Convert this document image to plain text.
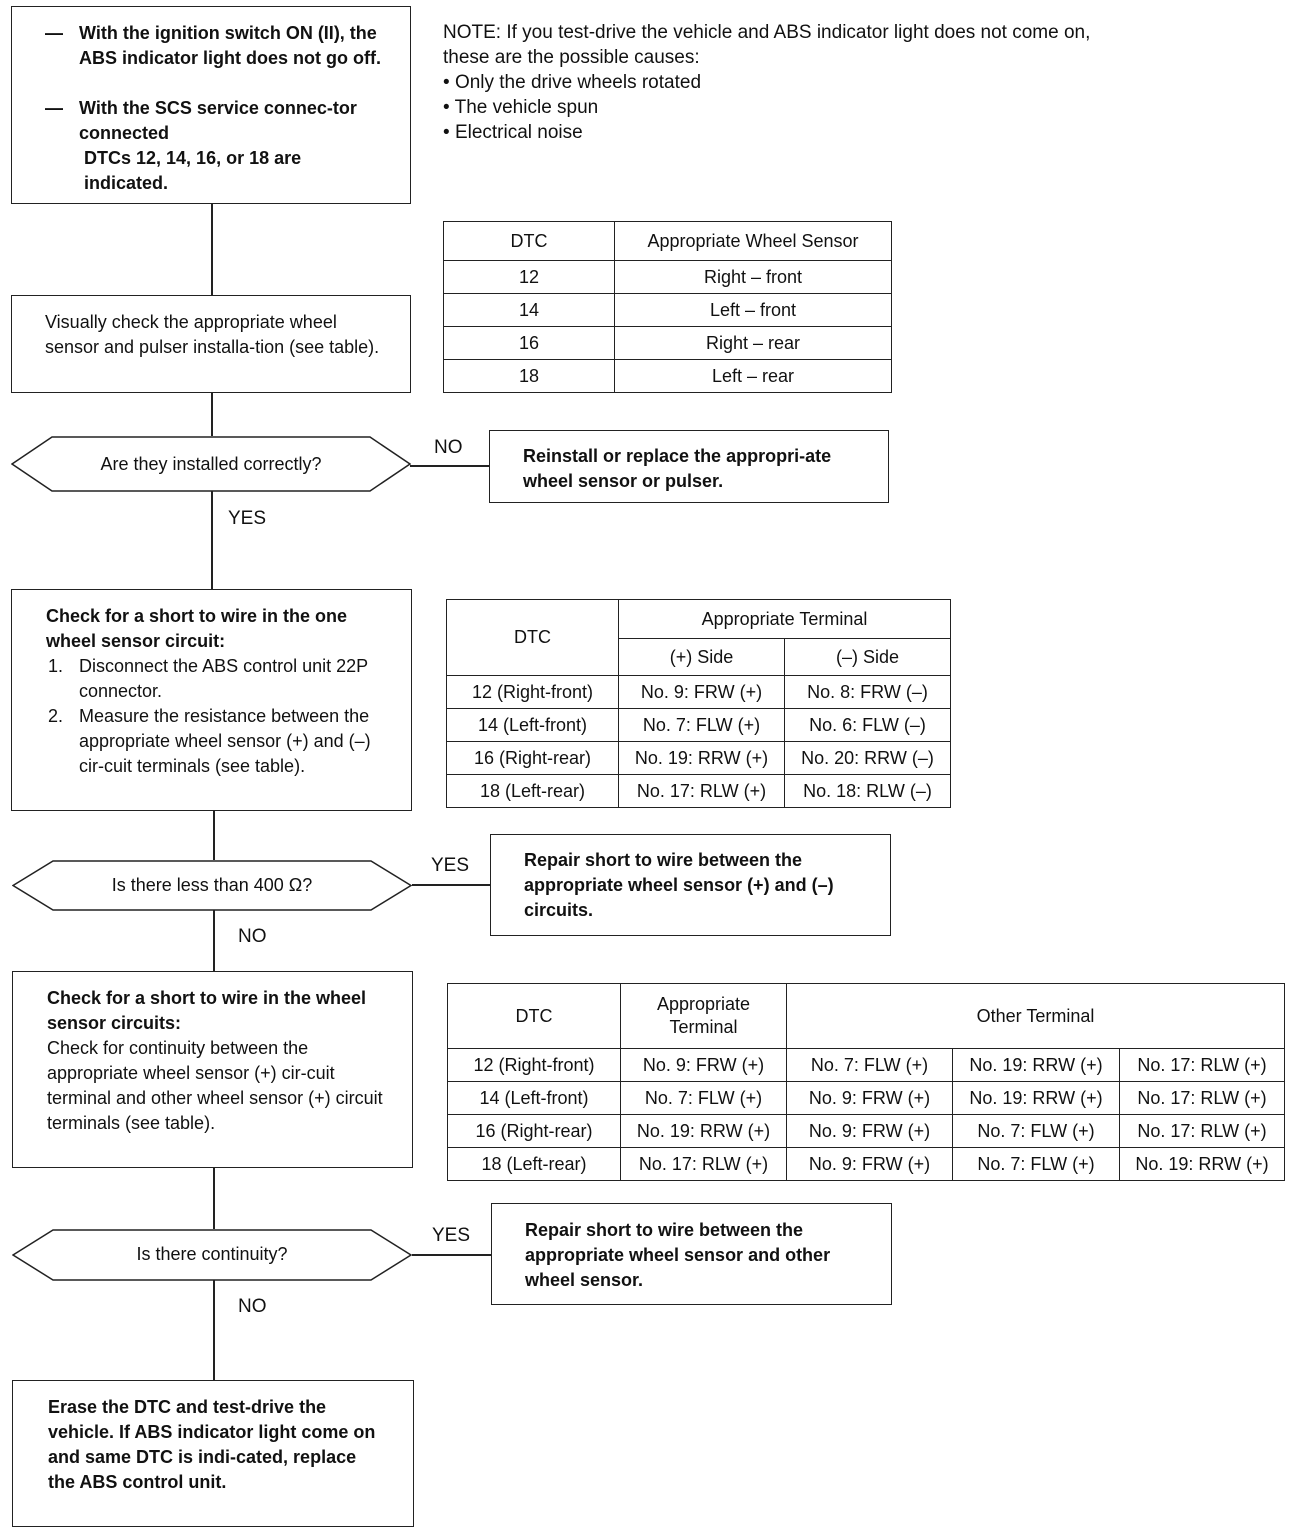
— With the ignition switch ON (II), the ABS indicator light does not go off.
— With the SCS service connec-tor connected
DTCs 12, 14, 16, or 18 are indicated.
NOTE: If you test-drive the vehicle and ABS indicator light does not come on,
these are the possible causes:
• Only the drive wheels rotated
• The vehicle spun
• Electrical noise
DTC	Appropriate Wheel Sensor
12	Right – front
14	Left – front
16	Right – rear
18	Left – rear
Visually check the appropriate wheel sensor and pulser installa-tion (see table).
Are they installed correctly?
NO
YES
Reinstall or replace the appropri-ate wheel sensor or pulser.
Check for a short to wire in the one wheel sensor circuit:
1. Disconnect the ABS control unit 22P connector.
2. Measure the resistance between the appropriate wheel sensor (+) and (–) cir-cuit terminals (see table).
DTC	Appropriate Terminal	
	(+) Side	(–) Side
12 (Right-front)	No. 9: FRW (+)	No. 8: FRW (–)
14 (Left-front)	No. 7: FLW (+)	No. 6: FLW (–)
16 (Right-rear)	No. 19: RRW (+)	No. 20: RRW (–)
18 (Left-rear)	No. 17: RLW (+)	No. 18: RLW (–)
Is there less than 400 Ω?
YES
NO
Repair short to wire between the appropriate wheel sensor (+) and (–) circuits.
Check for a short to wire in the wheel sensor circuits:
Check for continuity between the appropriate wheel sensor (+) cir-cuit terminal and other wheel sensor (+) circuit terminals (see table).
DTC	Appropriate Terminal	Other Terminal		
12 (Right-front)	No. 9: FRW (+)	No. 7: FLW (+)	No. 19: RRW (+)	No. 17: RLW (+)
14 (Left-front)	No. 7: FLW (+)	No. 9: FRW (+)	No. 19: RRW (+)	No. 17: RLW (+)
16 (Right-rear)	No. 19: RRW (+)	No. 9: FRW (+)	No. 7: FLW (+)	No. 17: RLW (+)
18 (Left-rear)	No. 17: RLW (+)	No. 9: FRW (+)	No. 7: FLW (+)	No. 19: RRW (+)
Is there continuity?
YES
NO
Repair short to wire between the appropriate wheel sensor and other wheel sensor.
Erase the DTC and test-drive the vehicle. If ABS indicator light come on and same DTC is indi-cated, replace the ABS control unit.
